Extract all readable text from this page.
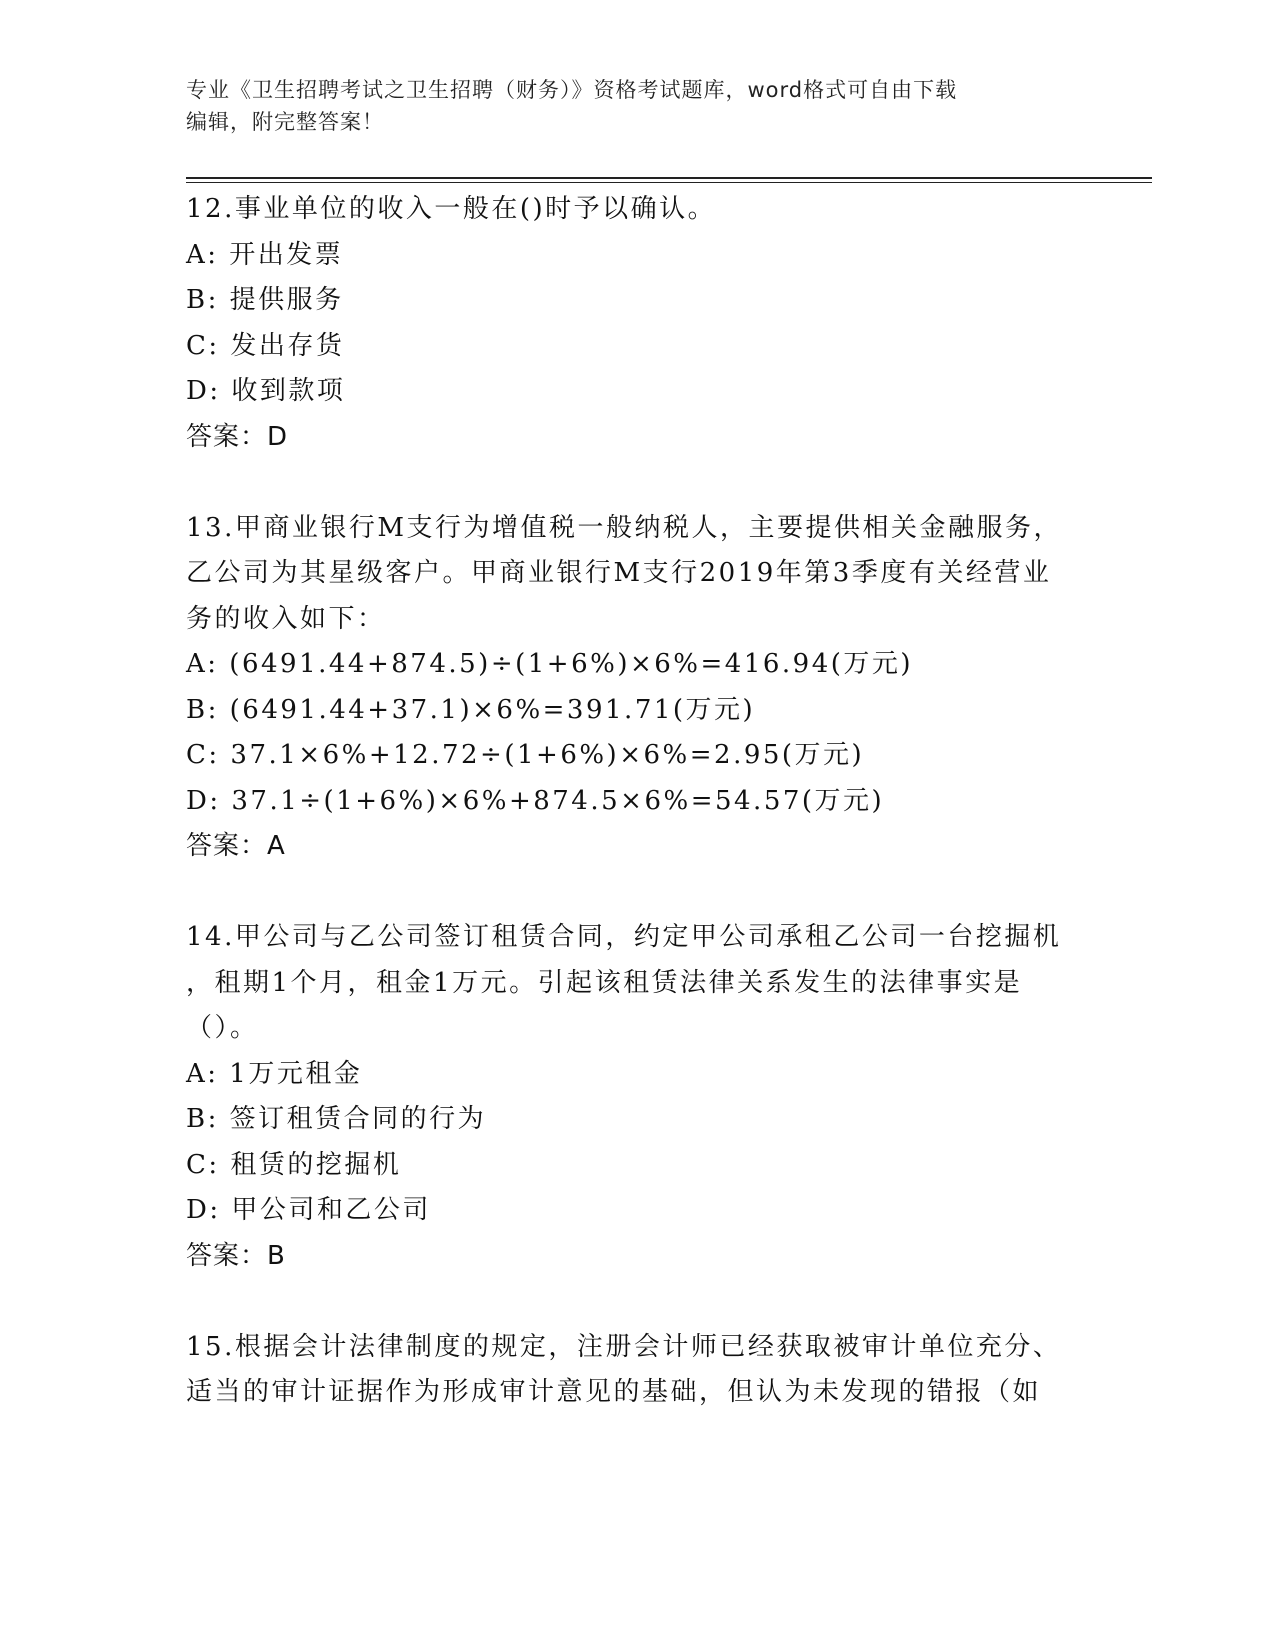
专业《卫生招聘考试之卫生招聘（财务）》资格考试题库，word格式可自由下载
编辑，附完整答案！
12.事业单位的收入一般在()时予以确认。
A: 开出发票
B: 提供服务
C: 发出存货
D: 收到款项
答案：D
13.甲商业银行M支行为增值税一般纳税人，主要提供相关金融服务，
乙公司为其星级客户。甲商业银行M支行2019年第3季度有关经营业
务的收入如下：
A: (6491.44+874.5)÷(1+6%)×6%=416.94(万元)
B: (6491.44+37.1)×6%=391.71(万元)
C: 37.1×6%+12.72÷(1+6%)×6%=2.95(万元)
D: 37.1÷(1+6%)×6%+874.5×6%=54.57(万元)
答案：A
14.甲公司与乙公司签订租赁合同，约定甲公司承租乙公司一台挖掘机
，租期1个月，租金1万元。引起该租赁法律关系发生的法律事实是
（）。
A: 1万元租金
B: 签订租赁合同的行为
C: 租赁的挖掘机
D: 甲公司和乙公司
答案：B
15.根据会计法律制度的规定，注册会计师已经获取被审计单位充分、
适当的审计证据作为形成审计意见的基础，但认为未发现的错报（如
